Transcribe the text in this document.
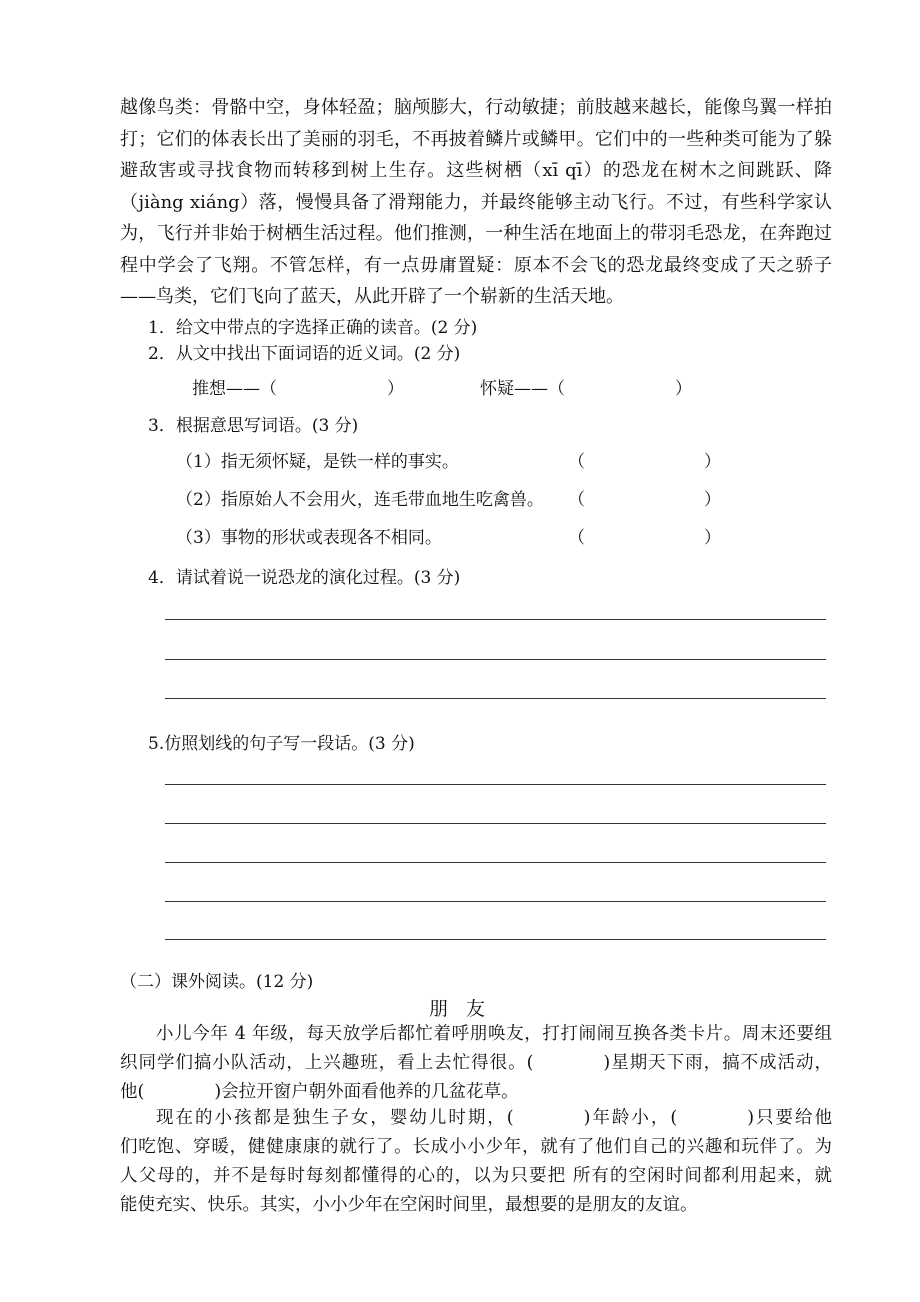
越像鸟类：骨骼中空，身体轻盈；脑颅膨大，行动敏捷；前肢越来越长，能像鸟翼一样拍
打；它们的体表长出了美丽的羽毛，不再披着鳞片或鳞甲。它们中的一些种类可能为了躲
避敌害或寻找食物而转移到树上生存。这些树栖（xī qī）的恐龙在树木之间跳跃、降
（jiàng xiáng）落，慢慢具备了滑翔能力，并最终能够主动飞行。不过，有些科学家认
为，飞行并非始于树栖生活过程。他们推测，一种生活在地面上的带羽毛恐龙，在奔跑过
程中学会了飞翔。不管怎样，有一点毋庸置疑：原本不会飞的恐龙最终变成了天之骄子
——鸟类，它们飞向了蓝天，从此开辟了一个崭新的生活天地。
1．给文中带点的字选择正确的读音。(2 分)
2．从文中找出下面词语的近义词。(2 分)
推想——（	）	怀疑——（	）
3．根据意思写词语。(3 分)
（1）指无须怀疑，是铁一样的事实。	（	）
（2）指原始人不会用火，连毛带血地生吃禽兽。 （	）
（3）事物的形状或表现各不相同。	（	）
4．请试着说一说恐龙的演化过程。(3 分)
5.仿照划线的句子写一段话。(3 分)
（二）课外阅读。(12 分)
朋 友
小儿今年 4 年级，每天放学后都忙着呼朋唤友，打打闹闹互换各类卡片。周末还要组
织同学们搞小队活动，上兴趣班，看上去忙得很。(	)星期天下雨，搞不成活动，
他(	)会拉开窗户朝外面看他养的几盆花草。
现在的小孩都是独生子女，婴幼儿时期，(	)年龄小，(	)只要给他
们吃饱、穿暖，健健康康的就行了。长成小小少年，就有了他们自己的兴趣和玩伴了。为
人父母的，并不是每时每刻都懂得的心的，以为只要把 所有的空闲时间都利用起来，就
能使充实、快乐。其实，小小少年在空闲时间里，最想要的是朋友的友谊。
